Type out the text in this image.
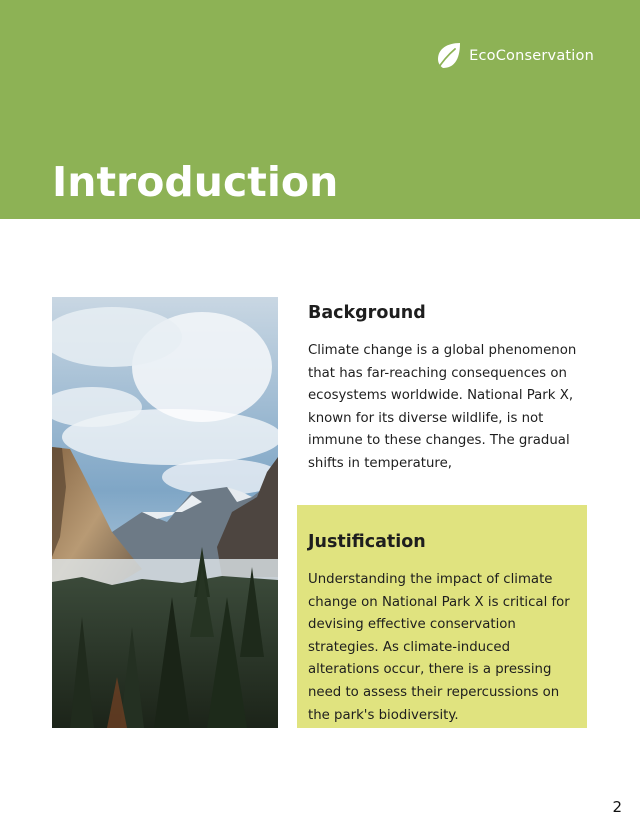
EcoConservation
Introduction
Background

Climate change is a global phenomenon that has far-reaching consequences on ecosystems worldwide. National Park X, known for its diverse wildlife, is not immune to these changes. The gradual shifts in temperature,

Justification

Understanding the impact of climate change on National Park X is critical for devising effective conservation strategies. As climate-induced alterations occur, there is a pressing need to assess their repercussions on the park's biodiversity.

2
